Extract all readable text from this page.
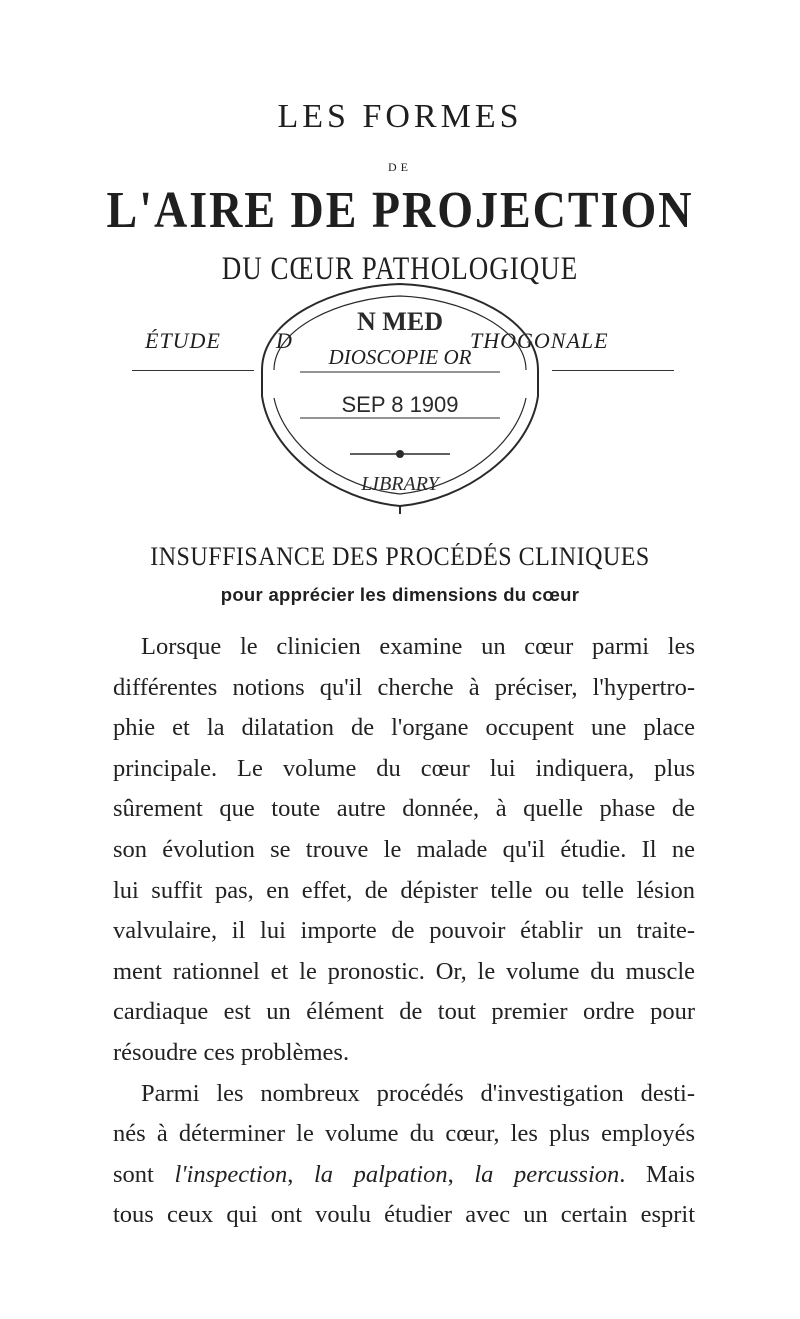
LES FORMES
DE
L'AIRE DE PROJECTION
DU CŒUR PATHOLOGIQUE
ÉTUDE	D	THOGONALE
N MED
DIOSCOPIE OR
SEP 8 1909
LIBRARY
INSUFFISANCE DES PROCÉDÉS CLINIQUES
pour apprécier les dimensions du cœur
Lorsque le clinicien examine un cœur parmi les
différentes notions qu'il cherche à préciser, l'hypertro-
phie et la dilatation de l'organe occupent une place
principale. Le volume du cœur lui indiquera, plus
sûrement que toute autre donnée, à quelle phase de
son évolution se trouve le malade qu'il étudie. Il ne
lui suffit pas, en effet, de dépister telle ou telle lésion
valvulaire, il lui importe de pouvoir établir un traite-
ment rationnel et le pronostic. Or, le volume du muscle
cardiaque est un élément de tout premier ordre pour
résoudre ces problèmes.
Parmi les nombreux procédés d'investigation desti-
nés à déterminer le volume du cœur, les plus employés
sont l'inspection, la palpation, la percussion. Mais
tous ceux qui ont voulu étudier avec un certain esprit
